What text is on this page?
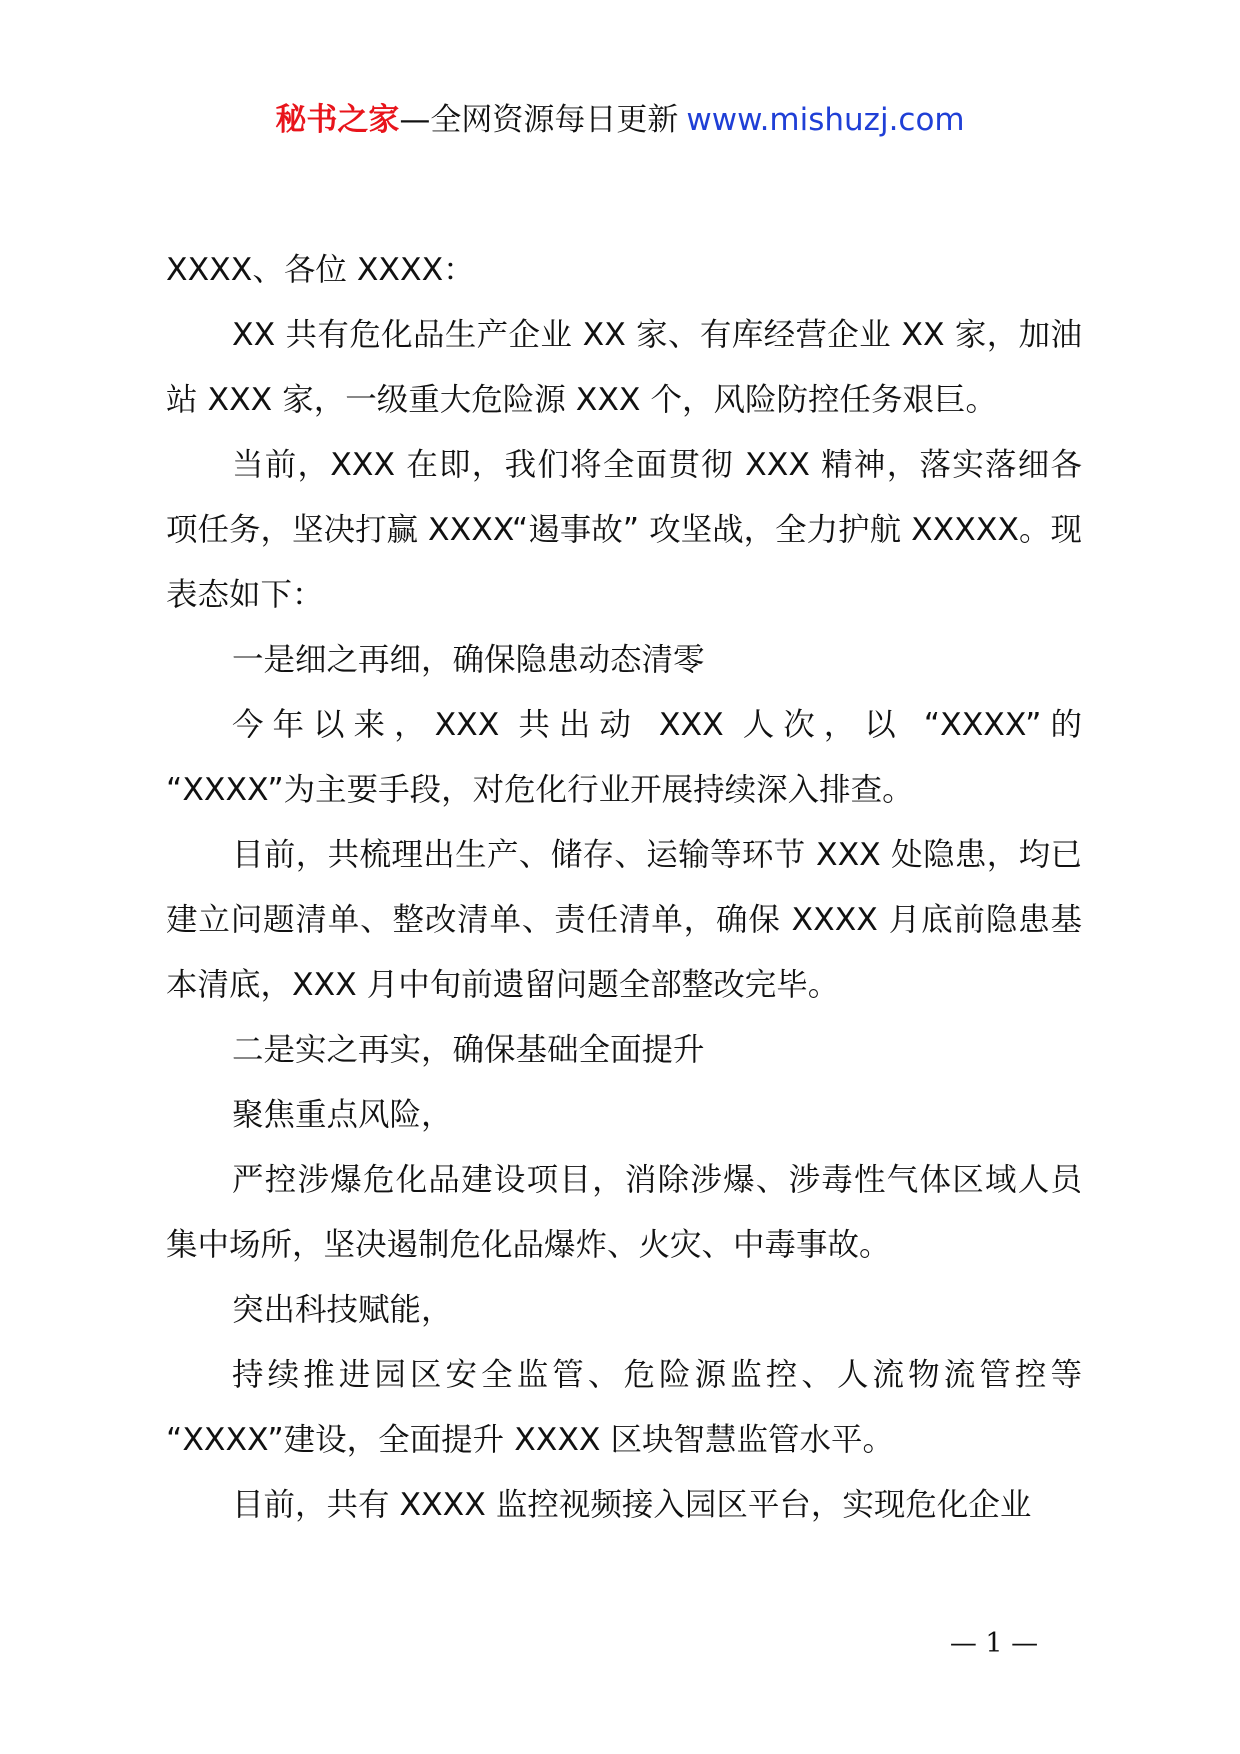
秘书之家—全网资源每日更新 www.mishuzj.com

XXXX、各位 XXXX：

XX 共有危化品生产企业 XX 家、有库经营企业 XX 家，加油站 XXX 家，一级重大危险源 XXX 个，风险防控任务艰巨。

当前，XXX 在即，我们将全面贯彻 XXX 精神，落实落细各项任务，坚决打赢 XXXX“遏事故” 攻坚战，全力护航 XXXXX。现表态如下：

一是细之再细，确保隐患动态清零

今年以来，XXX 共出动 XXX 人次，以 “XXXX”的 “XXXX”为主要手段，对危化行业开展持续深入排查。

目前，共梳理出生产、储存、运输等环节 XXX 处隐患，均已建立问题清单、整改清单、责任清单，确保 XXXX 月底前隐患基本清底，XXX 月中旬前遗留问题全部整改完毕。

二是实之再实，确保基础全面提升

聚焦重点风险，

严控涉爆危化品建设项目，消除涉爆、涉毒性气体区域人员集中场所，坚决遏制危化品爆炸、火灾、中毒事故。

突出科技赋能，

持续推进园区安全监管、危险源监控、人流物流管控等 “XXXX”建设，全面提升 XXXX 区块智慧监管水平。

目前，共有 XXXX 监控视频接入园区平台，实现危化企业

— 1 —
